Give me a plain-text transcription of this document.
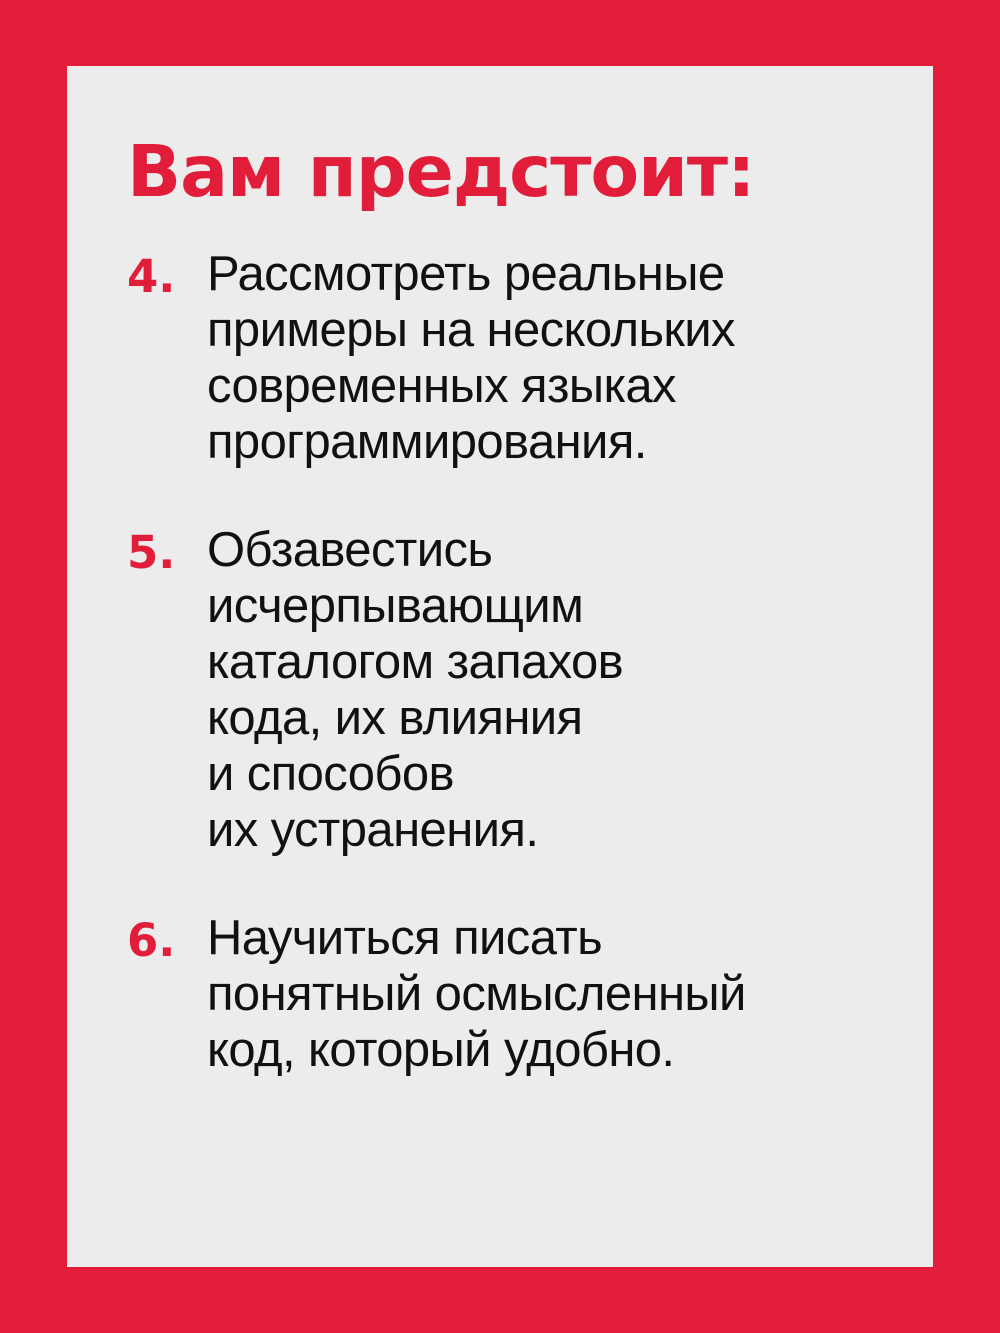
Вам предстоит:
4. Рассмотреть реальные
примеры на нескольких
современных языках
программирования.
5. Обзавестись
исчерпывающим
каталогом запахов
кода, их влияния
и способов
их устранения.
6. Научиться писать
понятный осмысленный
код, который удобно.
